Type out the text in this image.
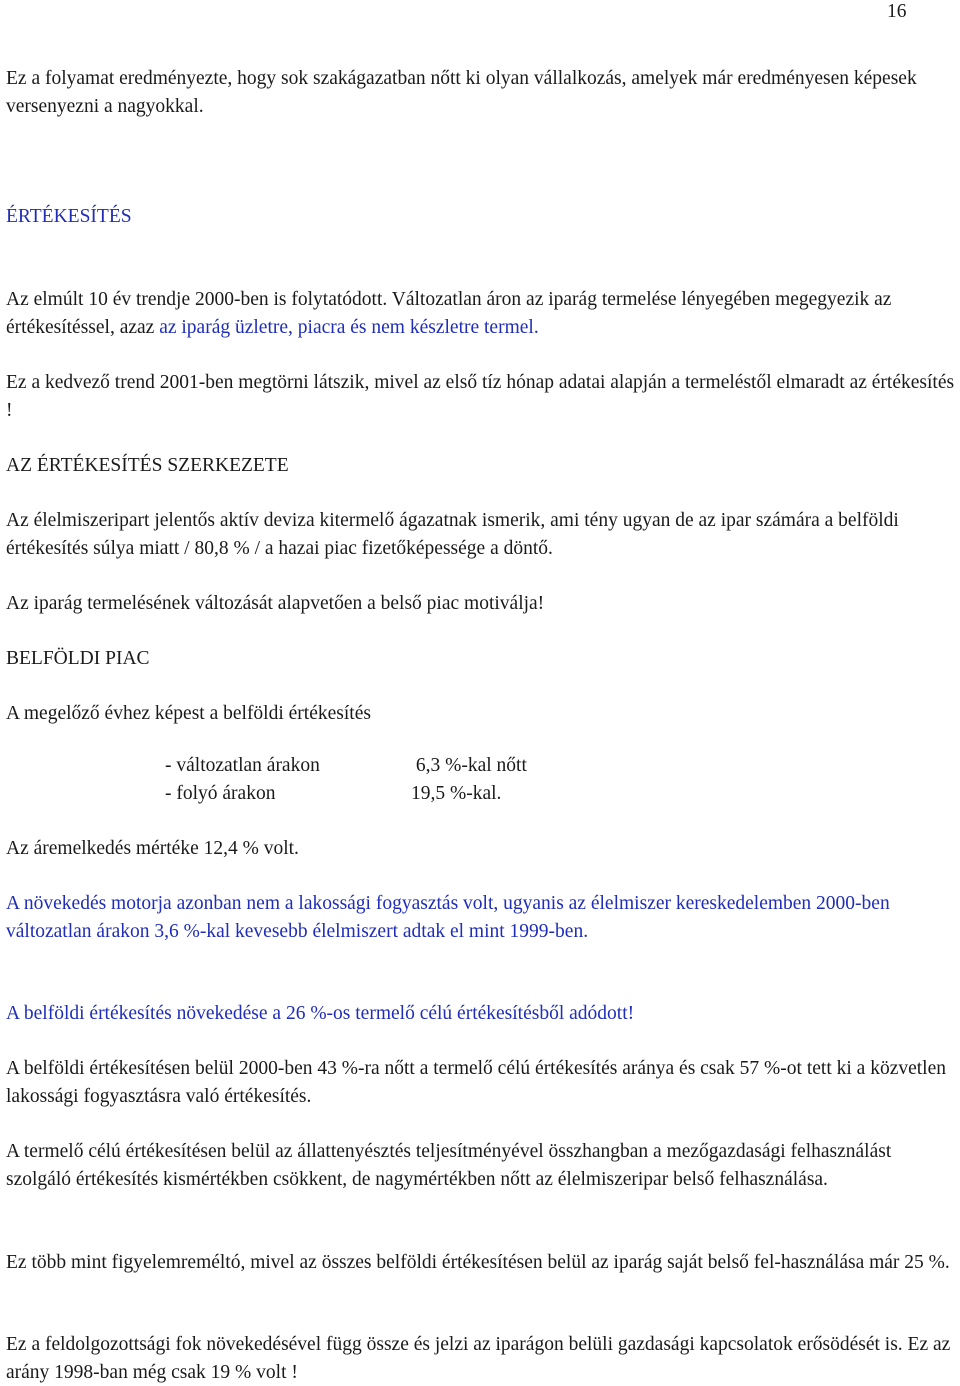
16

Ez a folyamat eredményezte, hogy sok szakágazatban nőtt ki olyan vállalkozás, amelyek már eredményesen képesek versenyezni a nagyokkal.

ÉRTÉKESÍTÉS

Az elmúlt 10 év trendje 2000-ben is folytatódott. Változatlan áron az iparág termelése lényegében megegyezik az értékesítéssel, azaz az iparág üzletre, piacra és nem készletre termel.

Ez a kedvező trend 2001-ben megtörni látszik, mivel az első tíz hónap adatai alapján a termeléstől elmaradt az értékesítés !

AZ ÉRTÉKESÍTÉS SZERKEZETE

Az élelmiszeripart jelentős aktív deviza kitermelő ágazatnak ismerik, ami tény ugyan de az ipar számára a belföldi értékesítés súlya miatt / 80,8 % / a hazai piac fizetőképessége a döntő.

Az iparág termelésének változását alapvetően a belső piac motiválja!

BELFÖLDI PIAC

A megelőző évhez képest a belföldi értékesítés

- változatlan árakon	6,3 %-kal nőtt
- folyó árakon	19,5 %-kal.

Az áremelkedés mértéke 12,4 % volt.

A növekedés motorja azonban nem a lakossági fogyasztás volt, ugyanis az élelmiszer kereskedelemben 2000-ben változatlan árakon 3,6 %-kal kevesebb élelmiszert adtak el mint 1999-ben.

A belföldi értékesítés növekedése a 26 %-os termelő célú értékesítésből adódott!

A belföldi értékesítésen belül 2000-ben 43 %-ra nőtt a termelő célú értékesítés aránya és csak 57 %-ot tett ki a közvetlen lakossági fogyasztásra való értékesítés.

A termelő célú értékesítésen belül az állattenyésztés teljesítményével összhangban a mezőgazdasági felhasználást szolgáló értékesítés kismértékben csökkent, de nagymértékben nőtt az élelmiszeripar belső felhasználása.

Ez több mint figyelemreméltó, mivel az összes belföldi értékesítésen belül az iparág saját belső fel-használása már 25 %.

Ez a feldolgozottsági fok növekedésével függ össze és jelzi az iparágon belüli gazdasági kapcsolatok erősödését is. Ez az arány 1998-ban még csak 19 % volt !
